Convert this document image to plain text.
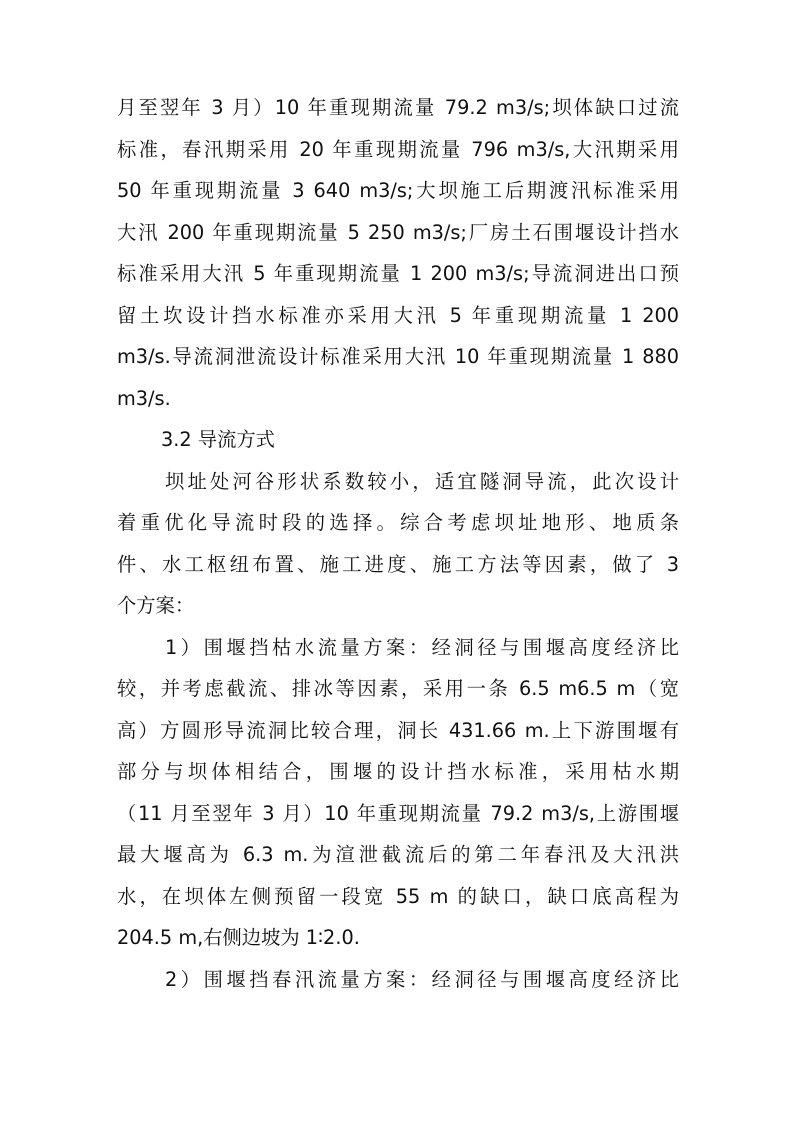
月至翌年 3 月）10 年重现期流量 79.2 m3/s;坝体缺口过流
标准，春汛期采用 20 年重现期流量 796 m3/s,大汛期采用
50 年重现期流量 3 640 m3/s;大坝施工后期渡汛标准采用
大汛 200 年重现期流量 5 250 m3/s;厂房土石围堰设计挡水
标准采用大汛 5 年重现期流量 1 200 m3/s;导流洞进出口预
留土坎设计挡水标准亦采用大汛 5 年重现期流量 1 200
m3/s.导流洞泄流设计标准采用大汛 10 年重现期流量 1 880
m3/s.
3.2 导流方式
坝址处河谷形状系数较小，适宜隧洞导流，此次设计
着重优化导流时段的选择。综合考虑坝址地形、地质条
件、水工枢纽布置、施工进度、施工方法等因素，做了 3
个方案：
1）围堰挡枯水流量方案：经洞径与围堰高度经济比
较，并考虑截流、排冰等因素，采用一条 6.5 m6.5 m（宽
高）方圆形导流洞比较合理，洞长 431.66 m.上下游围堰有
部分与坝体相结合，围堰的设计挡水标准，采用枯水期
（11 月至翌年 3 月）10 年重现期流量 79.2 m3/s,上游围堰
最大堰高为 6.3 m.为渲泄截流后的第二年春汛及大汛洪
水，在坝体左侧预留一段宽 55 m 的缺口，缺口底高程为
204.5 m,右侧边坡为 1∶2.0.
2）围堰挡春汛流量方案：经洞径与围堰高度经济比
